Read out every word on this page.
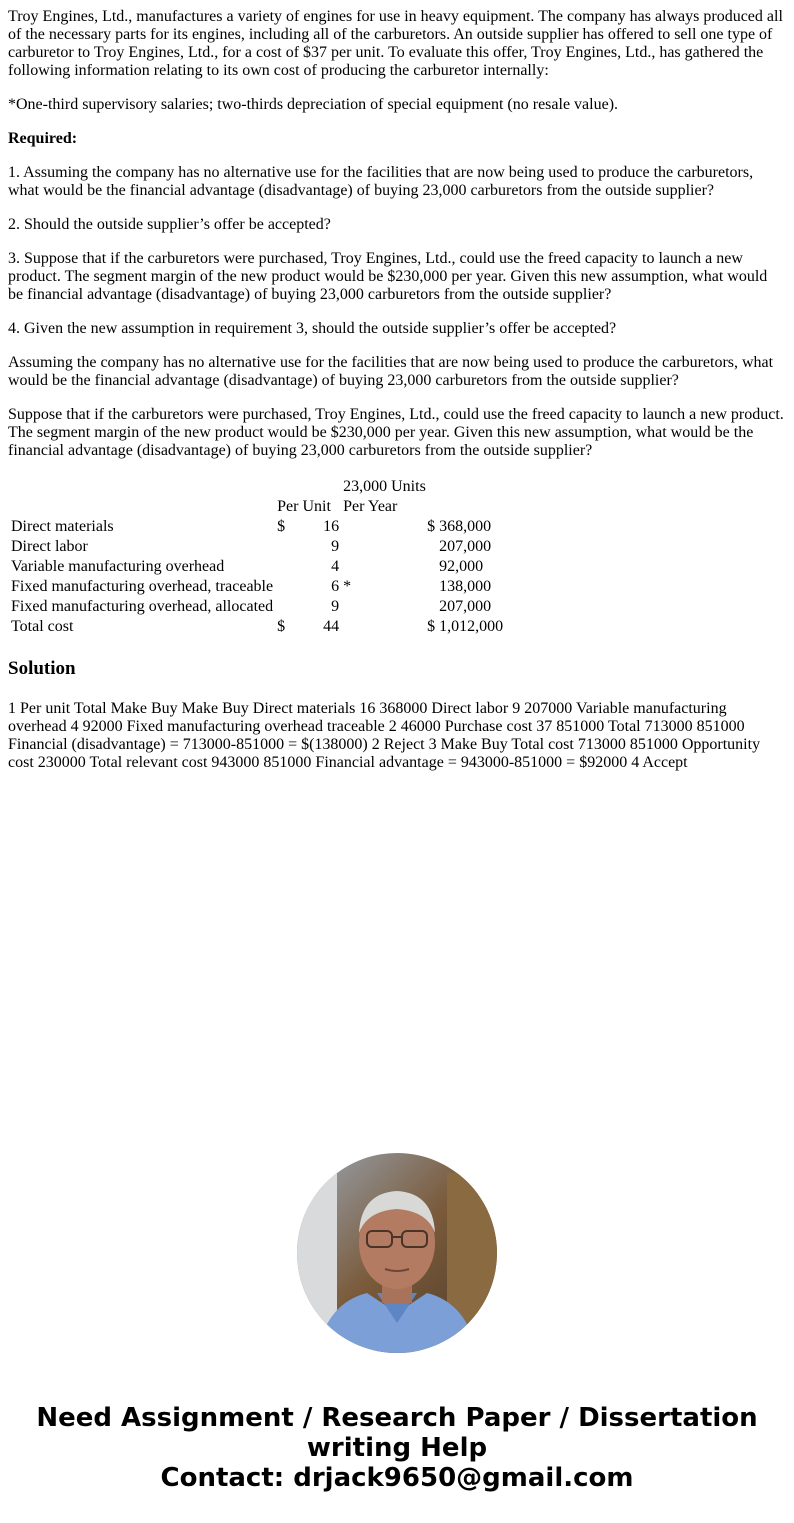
Troy Engines, Ltd., manufactures a variety of engines for use in heavy equipment. The company has always produced all of the necessary parts for its engines, including all of the carburetors. An outside supplier has offered to sell one type of carburetor to Troy Engines, Ltd., for a cost of $37 per unit. To evaluate this offer, Troy Engines, Ltd., has gathered the following information relating to its own cost of producing the carburetor internally:

*One-third supervisory salaries; two-thirds depreciation of special equipment (no resale value).

Required:

1. Assuming the company has no alternative use for the facilities that are now being used to produce the carburetors, what would be the financial advantage (disadvantage) of buying 23,000 carburetors from the outside supplier?

2. Should the outside supplier’s offer be accepted?

3. Suppose that if the carburetors were purchased, Troy Engines, Ltd., could use the freed capacity to launch a new product. The segment margin of the new product would be $230,000 per year. Given this new assumption, what would be financial advantage (disadvantage) of buying 23,000 carburetors from the outside supplier?

4. Given the new assumption in requirement 3, should the outside supplier’s offer be accepted?

Assuming the company has no alternative use for the facilities that are now being used to produce the carburetors, what would be the financial advantage (disadvantage) of buying 23,000 carburetors from the outside supplier?

Suppose that if the carburetors were purchased, Troy Engines, Ltd., could use the freed capacity to launch a new product. The segment margin of the new product would be $230,000 per year. Given this new assumption, what would be the financial advantage (disadvantage) of buying 23,000 carburetors from the outside supplier?

			23,000 Units		
	Per Unit		Per Year		
Direct materials	$	16		$	368,000
Direct labor		9			207,000
Variable manufacturing overhead		4			92,000
Fixed manufacturing overhead, traceable		6	*		138,000
Fixed manufacturing overhead, allocated		9			207,000
Total cost	$	44		$	1,012,000
Solution

1 Per unit Total Make Buy Make Buy Direct materials 16 368000 Direct labor 9 207000 Variable manufacturing overhead 4 92000 Fixed manufacturing overhead traceable 2 46000 Purchase cost 37 851000 Total 713000 851000 Financial (disadvantage) = 713000-851000 = $(138000) 2 Reject 3 Make Buy Total cost 713000 851000 Opportunity cost 230000 Total relevant cost 943000 851000 Financial advantage = 943000-851000 = $92000 4 Accept

Need Assignment / Research Paper / Dissertation
writing Help
Contact: drjack9650@gmail.com
